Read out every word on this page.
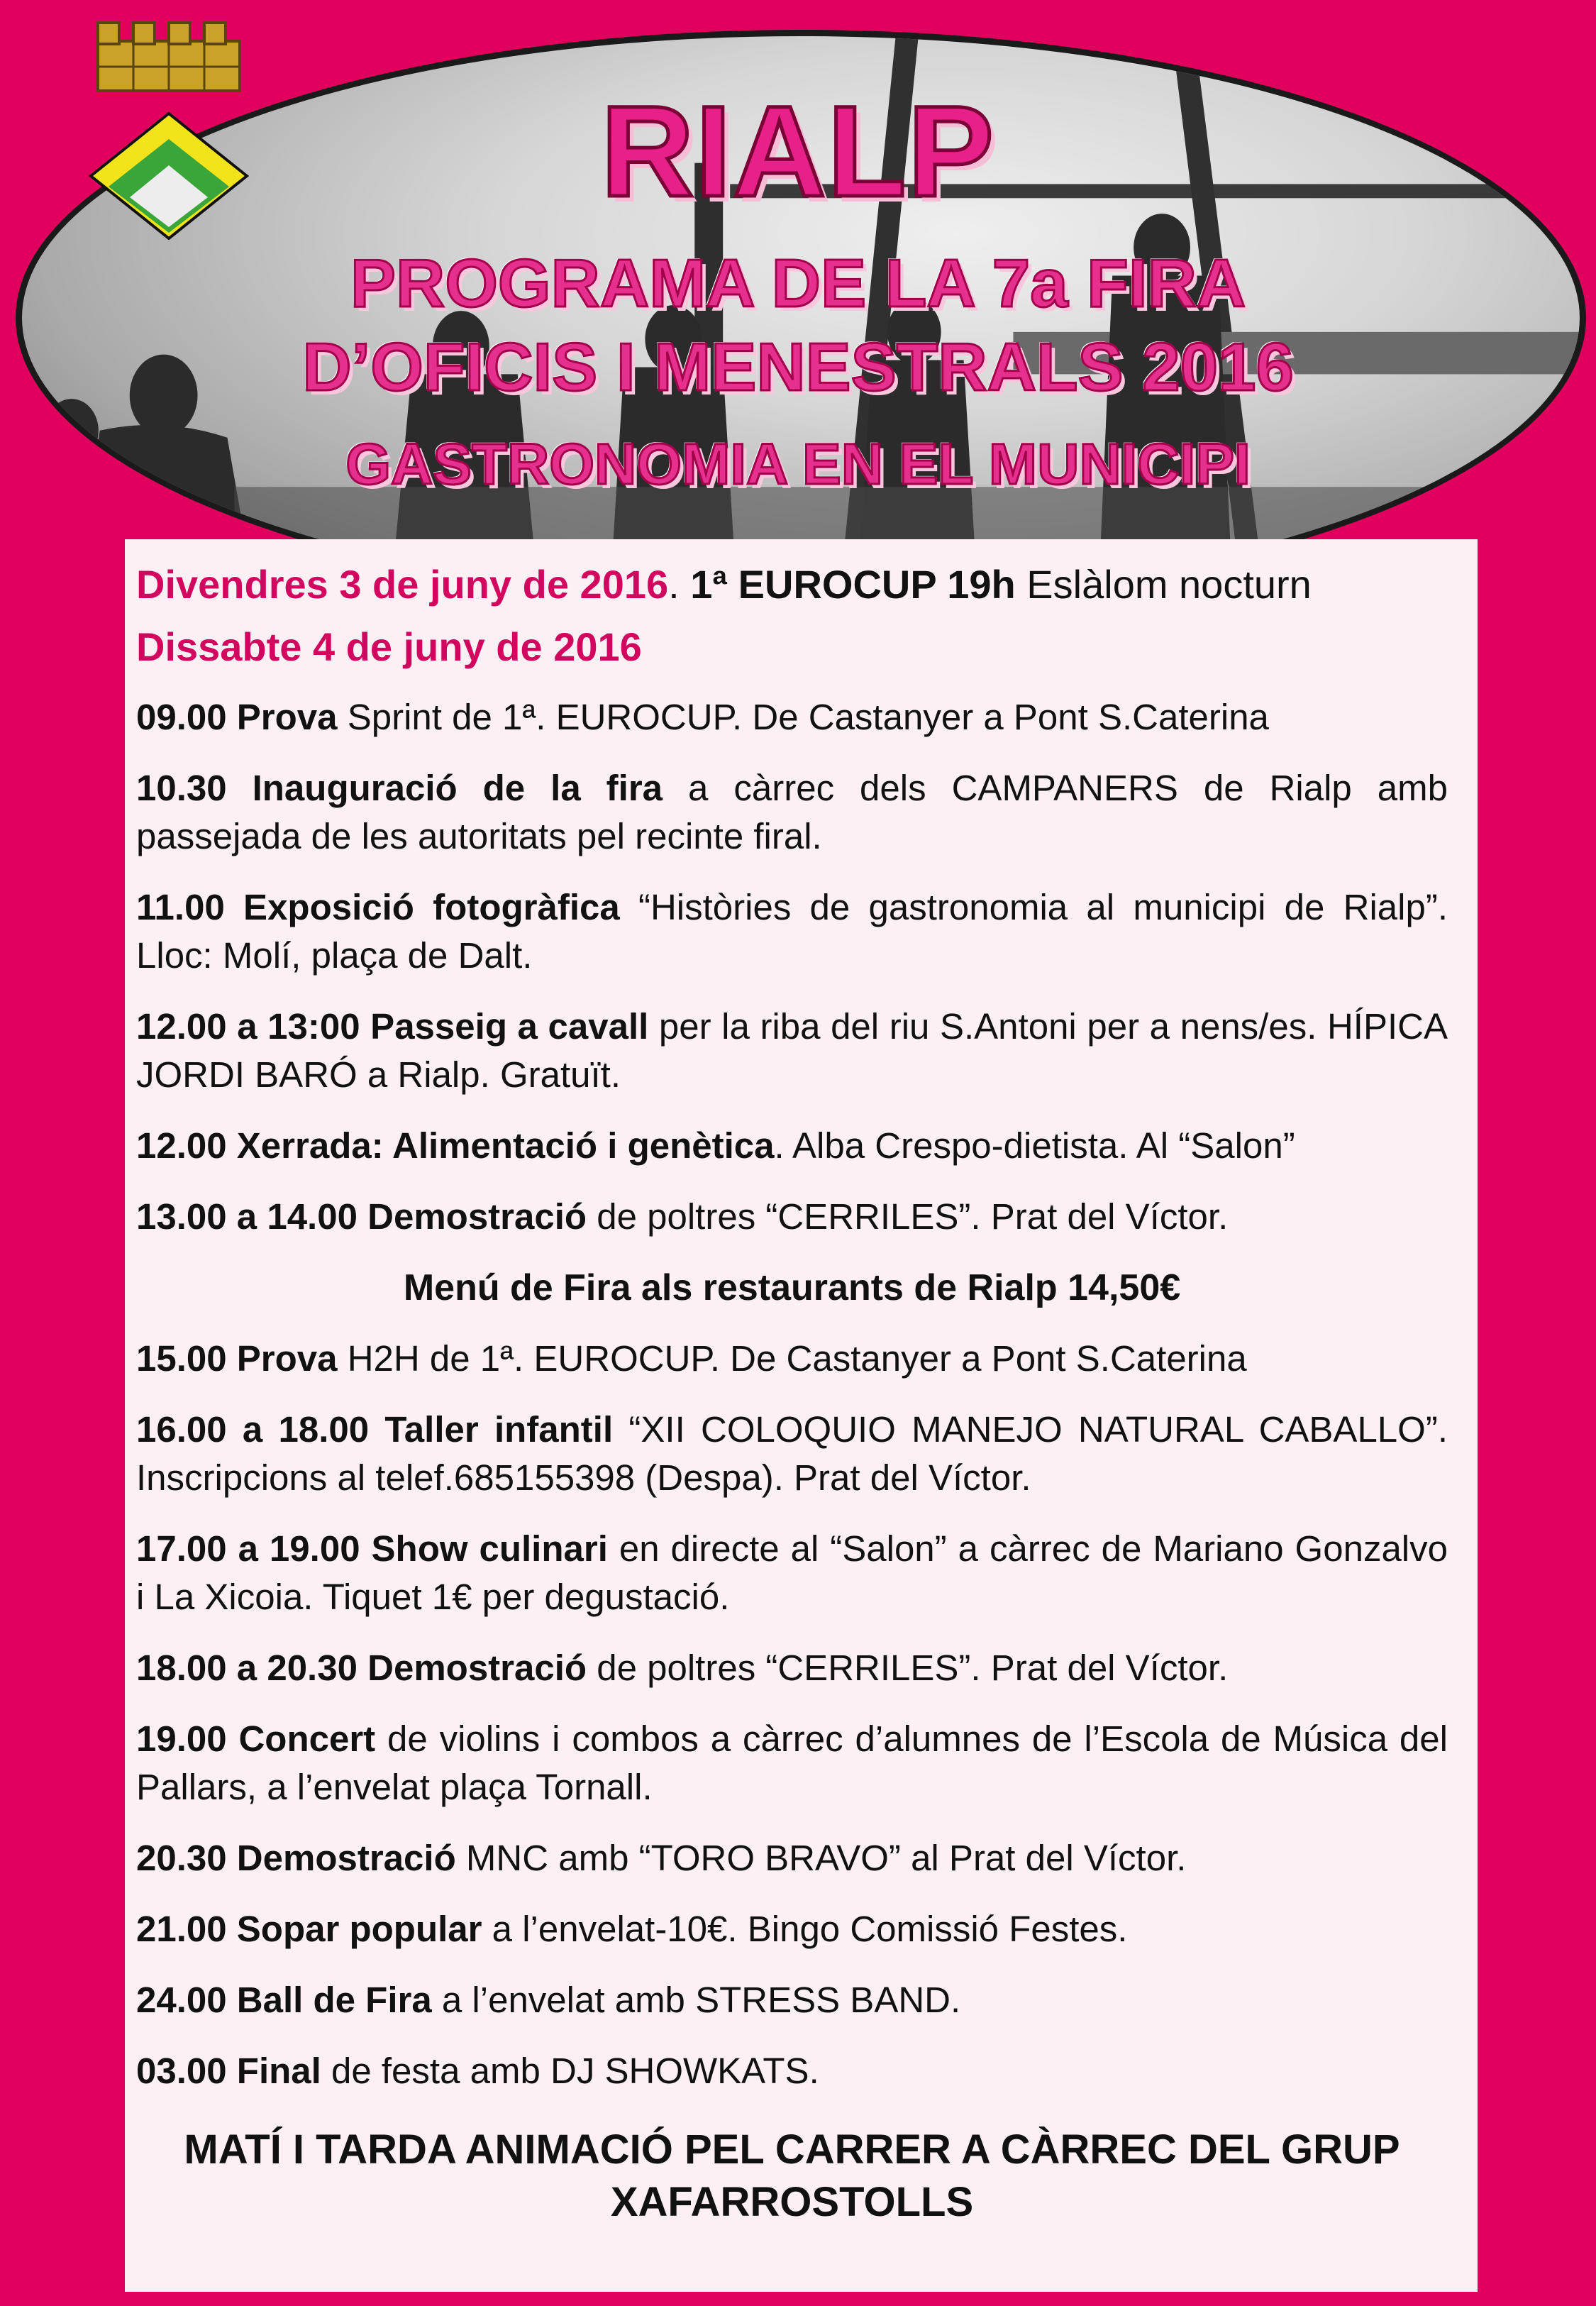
RIALP
PROGRAMA DE LA 7a FIRA
D’OFICIS I MENESTRALS 2016
GASTRONOMIA EN EL MUNICIPI
Divendres 3 de juny de 2016. 1ª EUROCUP 19h Eslàlom nocturn
Dissabte 4 de juny de 2016
09.00 Prova Sprint de 1ª. EUROCUP. De Castanyer a Pont S.Caterina
10.30 Inauguració de la fira a càrrec dels CAMPANERS de Rialp amb passejada de les autoritats pel recinte firal.
11.00 Exposició fotogràfica “Històries de gastronomia al municipi de Rialp”. Lloc: Molí, plaça de Dalt.
12.00 a 13:00 Passeig a cavall per la riba del riu S.Antoni per a nens/es. HÍPICA JORDI BARÓ a Rialp. Gratuït.
12.00 Xerrada: Alimentació i genètica. Alba Crespo-dietista. Al “Salon”
13.00 a 14.00 Demostració de poltres “CERRILES”. Prat del Víctor.
Menú de Fira als restaurants de Rialp 14,50€
15.00 Prova H2H de 1ª. EUROCUP. De Castanyer a Pont S.Caterina
16.00 a 18.00 Taller infantil “XII COLOQUIO MANEJO NATURAL CABALLO”. Inscripcions al telef.685155398 (Despa). Prat del Víctor.
17.00 a 19.00 Show culinari en directe al “Salon” a càrrec de Mariano Gonzalvo i La Xicoia. Tiquet 1€ per degustació.
18.00 a 20.30 Demostració de poltres “CERRILES”. Prat del Víctor.
19.00 Concert de violins i combos a càrrec d’alumnes de l’Escola de Música del Pallars, a l’envelat plaça Tornall.
20.30 Demostració MNC amb “TORO BRAVO” al Prat del Víctor.
21.00 Sopar popular a l’envelat-10€. Bingo Comissió Festes.
24.00 Ball de Fira a l’envelat amb STRESS BAND.
03.00 Final de festa amb DJ SHOWKATS.
MATÍ I TARDA ANIMACIÓ PEL CARRER A CÀRREC DEL GRUP XAFARROSTOLLS
